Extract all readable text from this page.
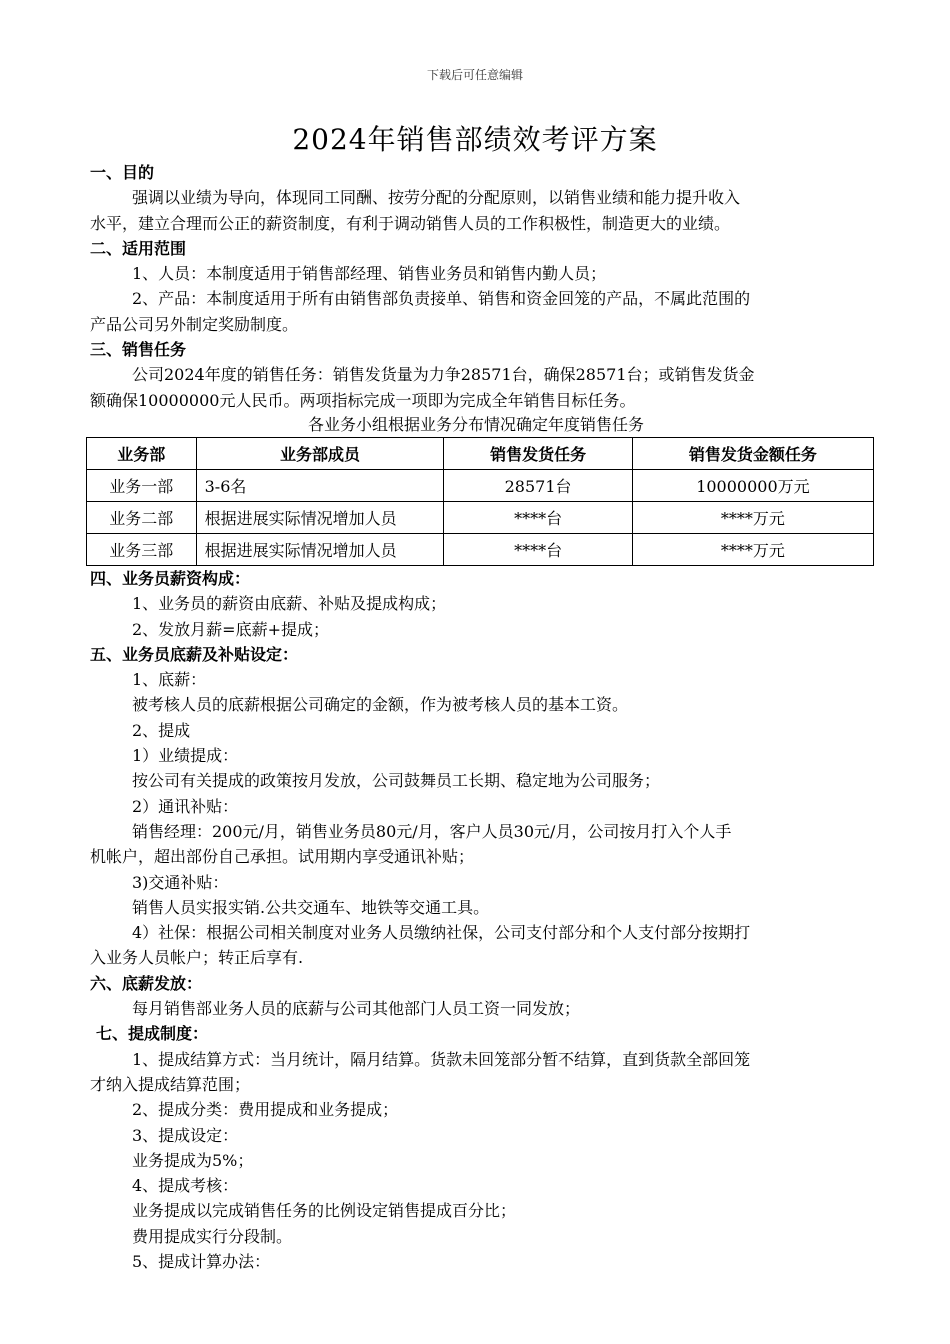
下载后可任意编辑
2024年销售部绩效考评方案
一、目的
强调以业绩为导向，体现同工同酬、按劳分配的分配原则，以销售业绩和能力提升收入
水平，建立合理而公正的薪资制度，有利于调动销售人员的工作积极性，制造更大的业绩。
二、适用范围
1、人员：本制度适用于销售部经理、销售业务员和销售内勤人员；
2、产品：本制度适用于所有由销售部负责接单、销售和资金回笼的产品，不属此范围的
产品公司另外制定奖励制度。
三、销售任务
公司2024年度的销售任务：销售发货量为力争28571台，确保28571台；或销售发货金
额确保10000000元人民币。两项指标完成一项即为完成全年销售目标任务。
各业务小组根据业务分布情况确定年度销售任务
业务部	业务部成员	销售发货任务	销售发货金额任务
业务一部	3-6名	28571台	10000000万元
业务二部	根据进展实际情况增加人员	****台	****万元
业务三部	根据进展实际情况增加人员	****台	****万元
四、业务员薪资构成：
1、业务员的薪资由底薪、补贴及提成构成；
2、发放月薪=底薪+提成；
五、业务员底薪及补贴设定：
1、底薪：
被考核人员的底薪根据公司确定的金额，作为被考核人员的基本工资。
2、提成
1）业绩提成：
按公司有关提成的政策按月发放，公司鼓舞员工长期、稳定地为公司服务；
2）通讯补贴：
销售经理：200元/月，销售业务员80元/月，客户人员30元/月，公司按月打入个人手
机帐户，超出部份自己承担。试用期内享受通讯补贴；
3)交通补贴：
销售人员实报实销.公共交通车、地铁等交通工具。
4）社保：根据公司相关制度对业务人员缴纳社保，公司支付部分和个人支付部分按期打
入业务人员帐户；转正后享有.
六、底薪发放：
每月销售部业务人员的底薪与公司其他部门人员工资一同发放；
七、提成制度：
1、提成结算方式：当月统计，隔月结算。货款未回笼部分暂不结算，直到货款全部回笼
才纳入提成结算范围；
2、提成分类：费用提成和业务提成；
3、提成设定：
业务提成为5%；
4、提成考核：
业务提成以完成销售任务的比例设定销售提成百分比；
费用提成实行分段制。
5、提成计算办法：
